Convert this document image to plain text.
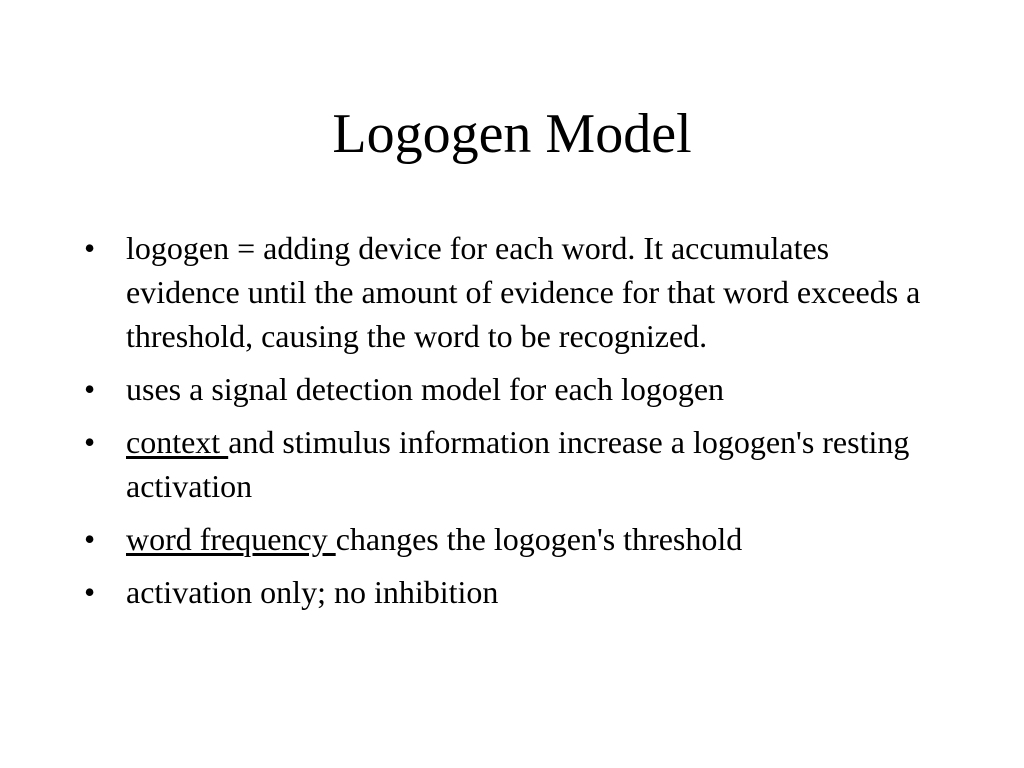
Logogen Model
• logogen = adding device for each word. It accumulates evidence until the amount of evidence for that word exceeds a threshold, causing the word to be recognized.
• uses a signal detection model for each logogen
• context and stimulus information increase a logogen's resting activation
• word frequency changes the logogen's threshold
• activation only; no inhibition
